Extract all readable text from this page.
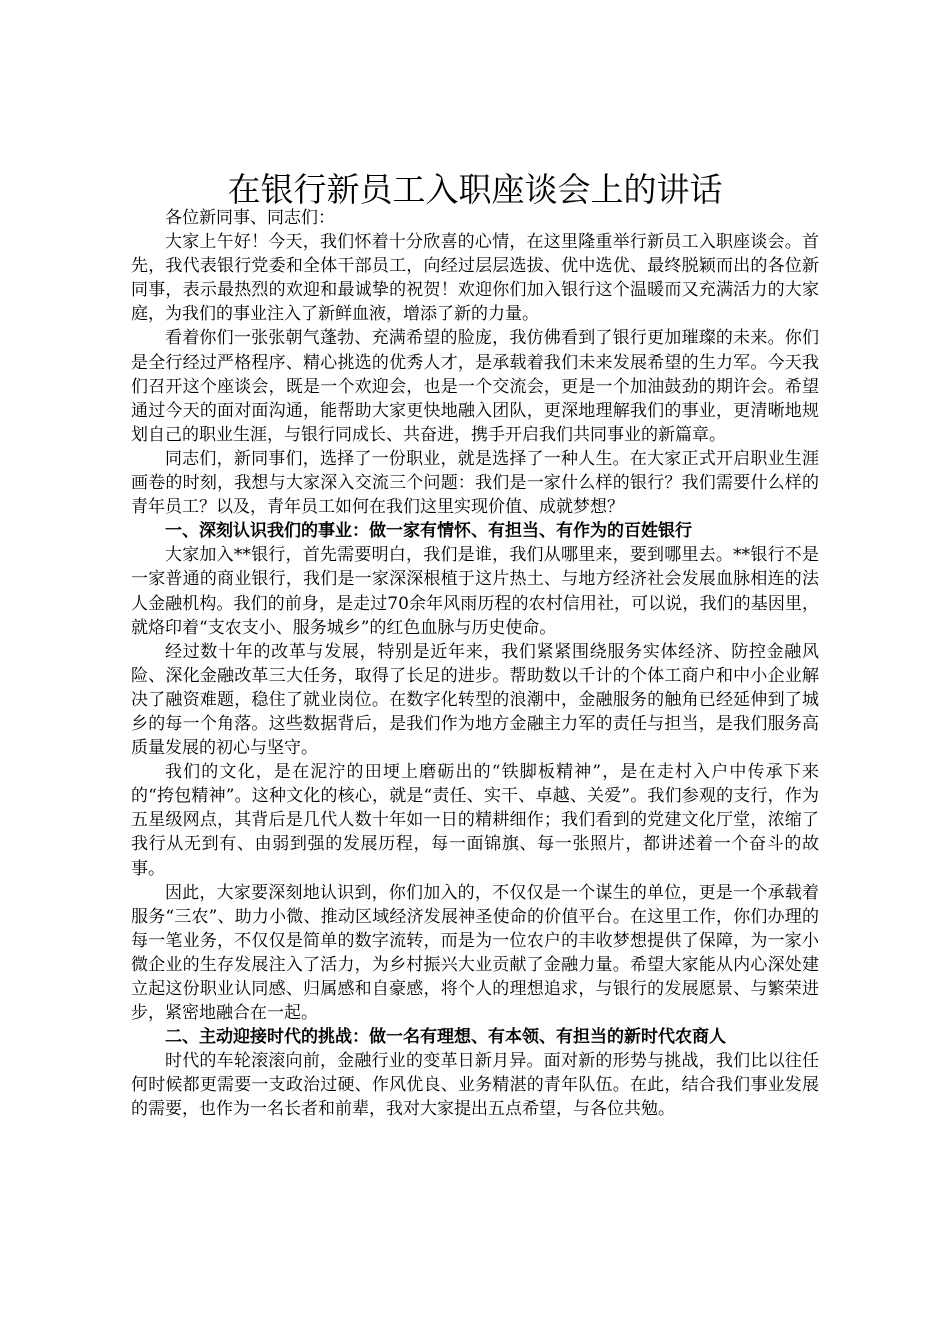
在银行新员工入职座谈会上的讲话

各位新同事、同志们：

大家上午好！今天，我们怀着十分欣喜的心情，在这里隆重举行新员工入职座谈会。首先，我代表银行党委和全体干部员工，向经过层层选拔、优中选优、最终脱颖而出的各位新同事，表示最热烈的欢迎和最诚挚的祝贺！欢迎你们加入银行这个温暖而又充满活力的大家庭，为我们的事业注入了新鲜血液，增添了新的力量。

看着你们一张张朝气蓬勃、充满希望的脸庞，我仿佛看到了银行更加璀璨的未来。你们是全行经过严格程序、精心挑选的优秀人才，是承载着我们未来发展希望的生力军。今天我们召开这个座谈会，既是一个欢迎会，也是一个交流会，更是一个加油鼓劲的期许会。希望通过今天的面对面沟通，能帮助大家更快地融入团队，更深地理解我们的事业，更清晰地规划自己的职业生涯，与银行同成长、共奋进，携手开启我们共同事业的新篇章。

同志们，新同事们，选择了一份职业，就是选择了一种人生。在大家正式开启职业生涯画卷的时刻，我想与大家深入交流三个问题：我们是一家什么样的银行？我们需要什么样的青年员工？以及，青年员工如何在我们这里实现价值、成就梦想？

一、深刻认识我们的事业：做一家有情怀、有担当、有作为的百姓银行

大家加入**银行，首先需要明白，我们是谁，我们从哪里来，要到哪里去。**银行不是一家普通的商业银行，我们是一家深深根植于这片热土、与地方经济社会发展血脉相连的法人金融机构。我们的前身，是走过70余年风雨历程的农村信用社，可以说，我们的基因里，就烙印着“支农支小、服务城乡”的红色血脉与历史使命。

经过数十年的改革与发展，特别是近年来，我们紧紧围绕服务实体经济、防控金融风险、深化金融改革三大任务，取得了长足的进步。帮助数以千计的个体工商户和中小企业解决了融资难题，稳住了就业岗位。在数字化转型的浪潮中，金融服务的触角已经延伸到了城乡的每一个角落。这些数据背后，是我们作为地方金融主力军的责任与担当，是我们服务高质量发展的初心与坚守。

我们的文化，是在泥泞的田埂上磨砺出的“铁脚板精神”，是在走村入户中传承下来的“挎包精神”。这种文化的核心，就是“责任、实干、卓越、关爱”。我们参观的支行，作为五星级网点，其背后是几代人数十年如一日的精耕细作；我们看到的党建文化厅堂，浓缩了我行从无到有、由弱到强的发展历程，每一面锦旗、每一张照片，都讲述着一个奋斗的故事。

因此，大家要深刻地认识到，你们加入的，不仅仅是一个谋生的单位，更是一个承载着服务“三农”、助力小微、推动区域经济发展神圣使命的价值平台。在这里工作，你们办理的每一笔业务，不仅仅是简单的数字流转，而是为一位农户的丰收梦想提供了保障，为一家小微企业的生存发展注入了活力，为乡村振兴大业贡献了金融力量。希望大家能从内心深处建立起这份职业认同感、归属感和自豪感，将个人的理想追求，与银行的发展愿景、与繁荣进步，紧密地融合在一起。

二、主动迎接时代的挑战：做一名有理想、有本领、有担当的新时代农商人

时代的车轮滚滚向前，金融行业的变革日新月异。面对新的形势与挑战，我们比以往任何时候都更需要一支政治过硬、作风优良、业务精湛的青年队伍。在此，结合我们事业发展的需要，也作为一名长者和前辈，我对大家提出五点希望，与各位共勉。
